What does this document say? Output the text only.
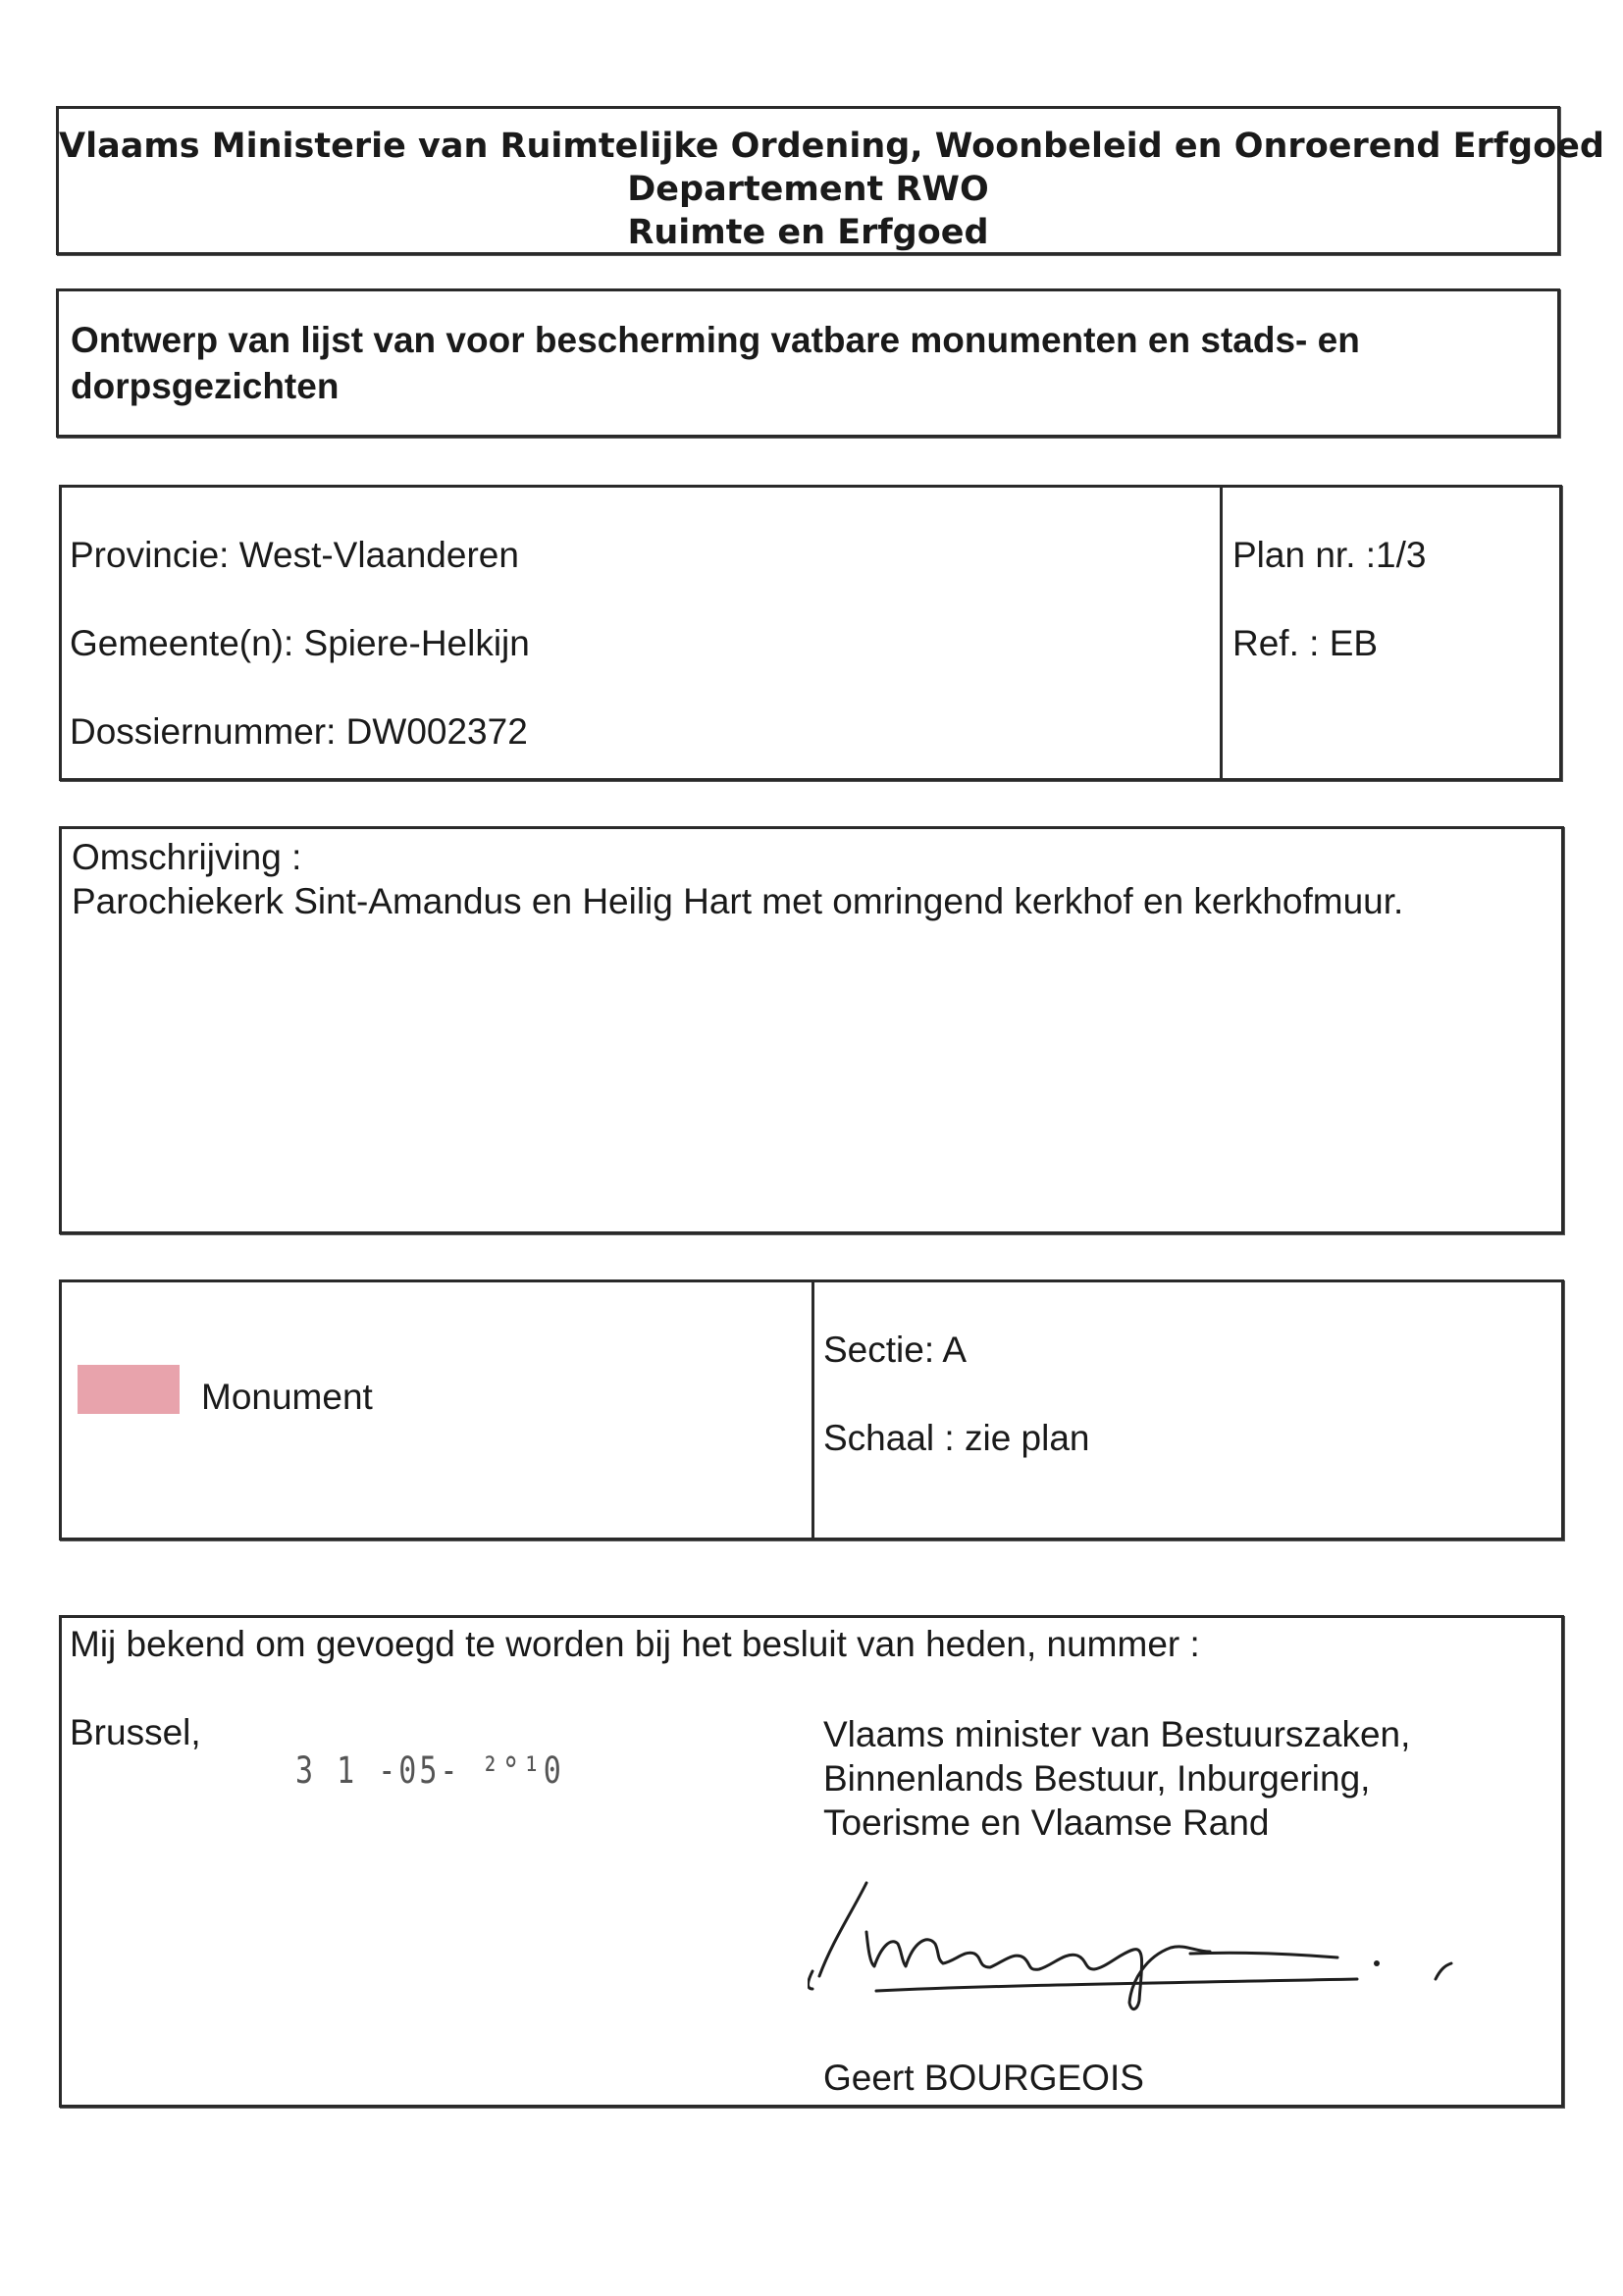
Vlaams Ministerie van Ruimtelijke Ordening, Woonbeleid en Onroerend Erfgoed
Departement RWO
Ruimte en Erfgoed
Ontwerp van lijst van voor bescherming vatbare monumenten en stads- en dorpsgezichten
Provincie: West-Vlaanderen
Gemeente(n): Spiere-Helkijn
Dossiernummer: DW002372
Plan nr. :1/3
Ref. : EB
Omschrijving :
Parochiekerk Sint-Amandus en Heilig Hart met omringend kerkhof en kerkhofmuur.
Monument
Sectie: A
Schaal : zie plan
Mij bekend om gevoegd te worden bij het besluit van heden, nummer :
Brussel,
3 1 -05- ²°¹0
Vlaams minister van Bestuurszaken,
Binnenlands Bestuur, Inburgering,
Toerisme en Vlaamse Rand
Geert BOURGEOIS
